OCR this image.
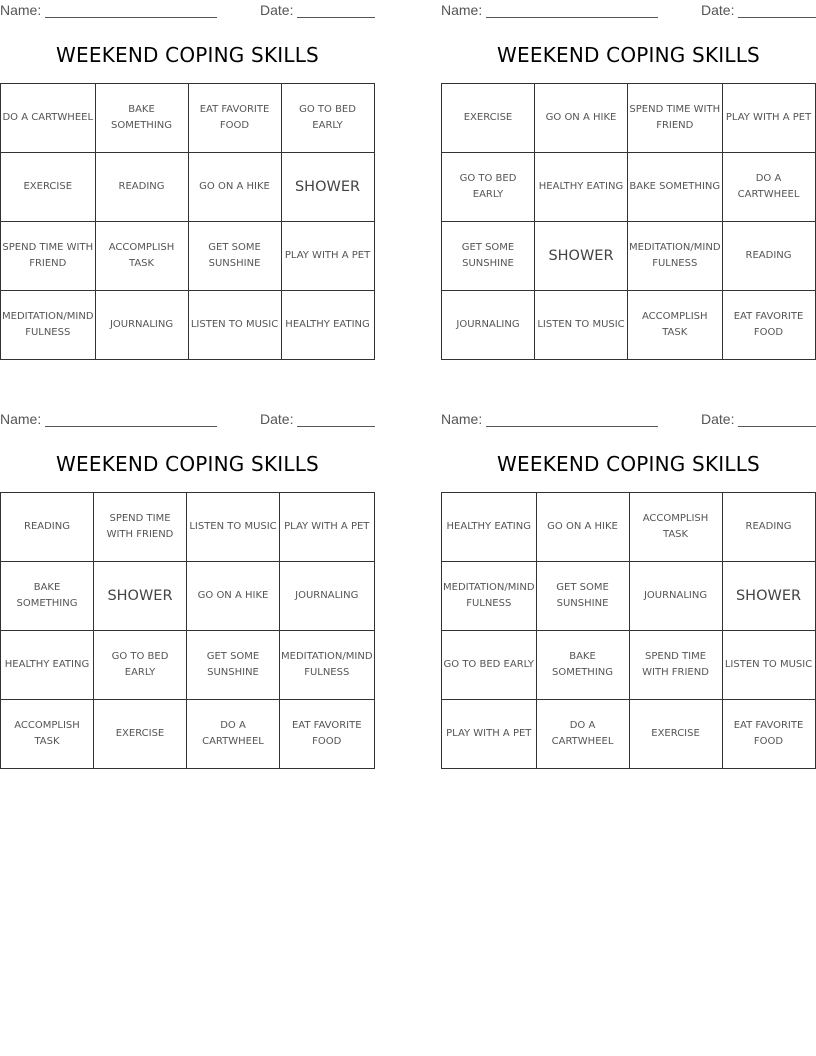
Name:	Date:
WEEKEND COPING SKILLS
DO A CARTWHEEL	BAKE SOMETHING	EAT FAVORITE FOOD	GO TO BED EARLY
EXERCISE	READING	GO ON A HIKE	SHOWER
SPEND TIME WITH FRIEND	ACCOMPLISH TASK	GET SOME SUNSHINE	PLAY WITH A PET
MEDITATION/MIND FULNESS	JOURNALING	LISTEN TO MUSIC	HEALTHY EATING
Name:	Date:
WEEKEND COPING SKILLS
EXERCISE	GO ON A HIKE	SPEND TIME WITH FRIEND	PLAY WITH A PET
GO TO BED EARLY	HEALTHY EATING	BAKE SOMETHING	DO A CARTWHEEL
GET SOME SUNSHINE	SHOWER	MEDITATION/MIND FULNESS	READING
JOURNALING	LISTEN TO MUSIC	ACCOMPLISH TASK	EAT FAVORITE FOOD
Name:	Date:
WEEKEND COPING SKILLS
READING	SPEND TIME WITH FRIEND	LISTEN TO MUSIC	PLAY WITH A PET
BAKE SOMETHING	SHOWER	GO ON A HIKE	JOURNALING
HEALTHY EATING	GO TO BED EARLY	GET SOME SUNSHINE	MEDITATION/MIND FULNESS
ACCOMPLISH TASK	EXERCISE	DO A CARTWHEEL	EAT FAVORITE FOOD
Name:	Date:
WEEKEND COPING SKILLS
HEALTHY EATING	GO ON A HIKE	ACCOMPLISH TASK	READING
MEDITATION/MIND FULNESS	GET SOME SUNSHINE	JOURNALING	SHOWER
GO TO BED EARLY	BAKE SOMETHING	SPEND TIME WITH FRIEND	LISTEN TO MUSIC
PLAY WITH A PET	DO A CARTWHEEL	EXERCISE	EAT FAVORITE FOOD
